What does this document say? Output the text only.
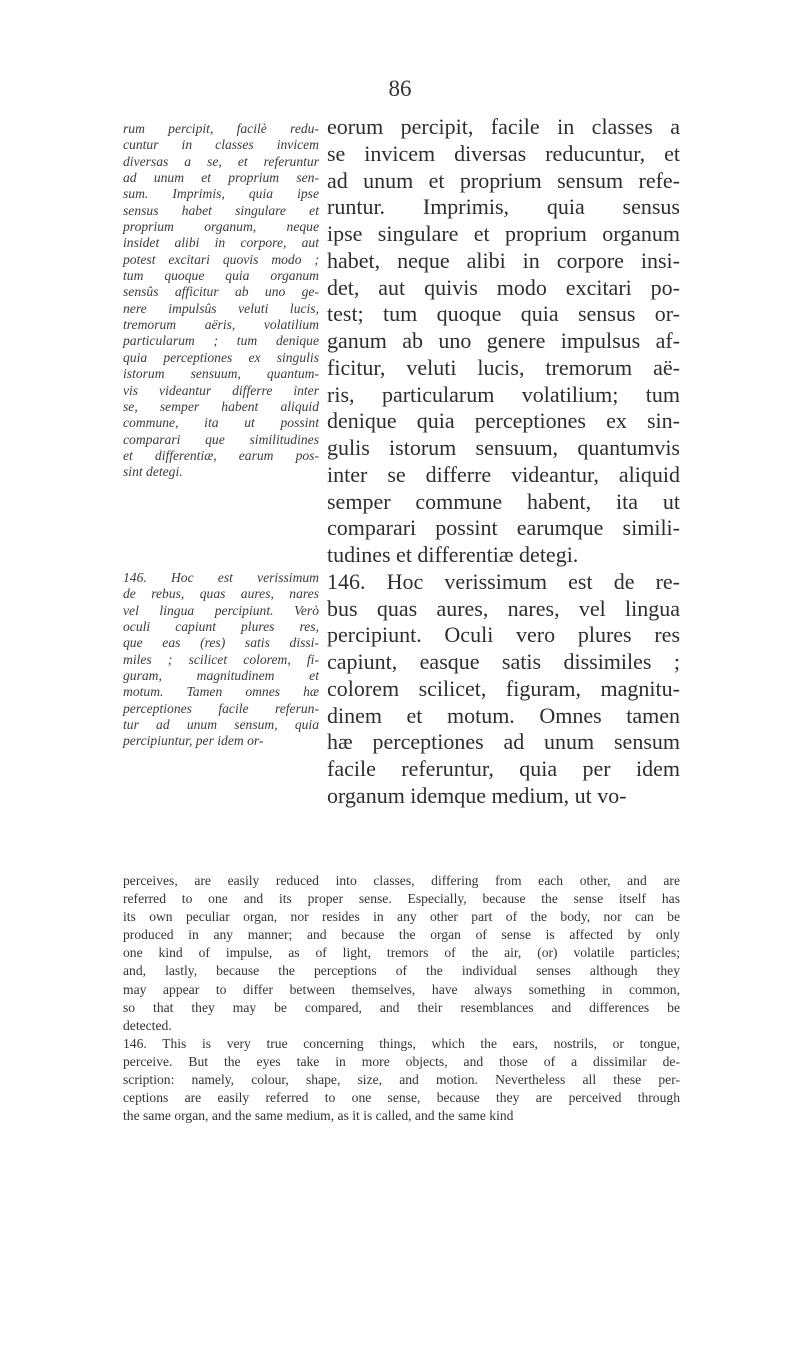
86
rum percipit, facilè redu-
cuntur in classes invicem
diversas a se, et referuntur
ad unum et proprium sen-
sum. Imprimis, quia ipse
sensus habet singulare et
proprium organum, neque
insidet alibi in corpore, aut
potest excitari quovis modo ;
tum quoque quia organum
sensûs afficitur ab uno ge-
nere impulsûs veluti lucis,
tremorum aëris, volatilium
particularum ; tum denique
quia perceptiones ex singulis
istorum sensuum, quantum-
vis videantur differre inter
se, semper habent aliquid
commune, ita ut possint
comparari que similitudines
et differentiæ, earum pos-
sint detegi.
146. Hoc est verissimum
de rebus, quas aures, nares
vel lingua percipiunt. Verò
oculi capiunt plures res,
que eas (res) satis dissi-
miles ; scilicet colorem, fi-
guram, magnitudinem et
motum. Tamen omnes hæ
perceptiones facile referun-
tur ad unum sensum, quia
percipiuntur, per idem or-
eorum percipit, facile in classes a
se invicem diversas reducuntur, et
ad unum et proprium sensum refe-
runtur. Imprimis, quia sensus
ipse singulare et proprium organum
habet, neque alibi in corpore insi-
det, aut quivis modo excitari po-
test; tum quoque quia sensus or-
ganum ab uno genere impulsus af-
ficitur, veluti lucis, tremorum aë-
ris, particularum volatilium; tum
denique quia perceptiones ex sin-
gulis istorum sensuum, quantumvis
inter se differre videantur, aliquid
semper commune habent, ita ut
comparari possint earumque simili-
tudines et differentiæ detegi.
146. Hoc verissimum est de re-
bus quas aures, nares, vel lingua
percipiunt. Oculi vero plures res
capiunt, easque satis dissimiles ;
colorem scilicet, figuram, magnitu-
dinem et motum. Omnes tamen
hæ perceptiones ad unum sensum
facile referuntur, quia per idem
organum idemque medium, ut vo-
perceives, are easily reduced into classes, differing from each other, and are
referred to one and its proper sense. Especially, because the sense itself has
its own peculiar organ, nor resides in any other part of the body, nor can be
produced in any manner; and because the organ of sense is affected by only
one kind of impulse, as of light, tremors of the air, (or) volatile particles;
and, lastly, because the perceptions of the individual senses although they
may appear to differ between themselves, have always something in common,
so that they may be compared, and their resemblances and differences be
detected.
146. This is very true concerning things, which the ears, nostrils, or tongue,
perceive. But the eyes take in more objects, and those of a dissimilar de-
scription: namely, colour, shape, size, and motion. Nevertheless all these per-
ceptions are easily referred to one sense, because they are perceived through
the same organ, and the same medium, as it is called, and the same kind
